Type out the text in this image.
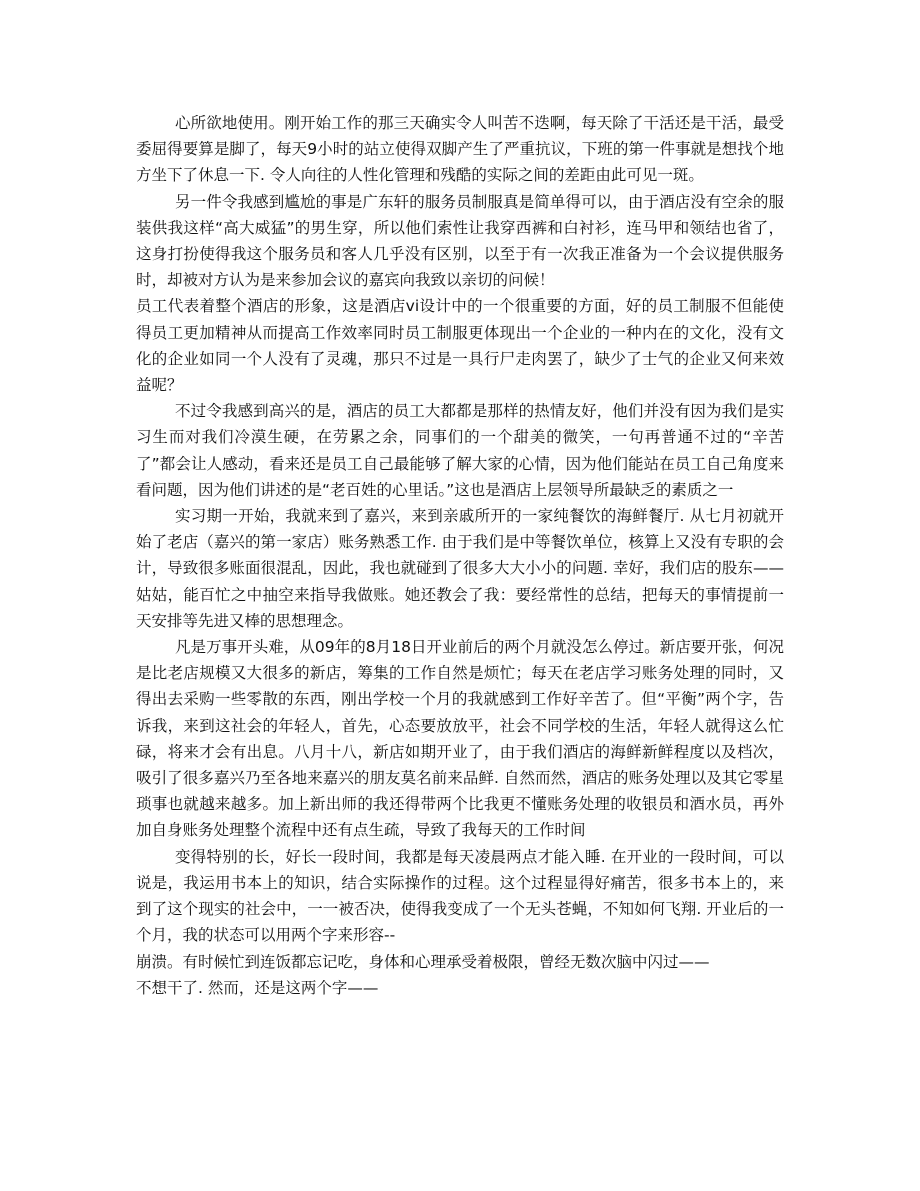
心所欲地使用。刚开始工作的那三天确实令人叫苦不迭啊，每天除了干活还是干活，最受委屈得要算是脚了，每天9小时的站立使得双脚产生了严重抗议，下班的第一件事就是想找个地方坐下了休息一下. 令人向往的人性化管理和残酷的实际之间的差距由此可见一斑。

另一件令我感到尴尬的事是广东轩的服务员制服真是简单得可以，由于酒店没有空余的服装供我这样“高大威猛”的男生穿，所以他们索性让我穿西裤和白衬衫，连马甲和领结也省了，这身打扮使得我这个服务员和客人几乎没有区别，以至于有一次我正准备为一个会议提供服务时，却被对方认为是来参加会议的嘉宾向我致以亲切的问候！

员工代表着整个酒店的形象，这是酒店vi设计中的一个很重要的方面，好的员工制服不但能使得员工更加精神从而提高工作效率同时员工制服更体现出一个企业的一种内在的文化，没有文化的企业如同一个人没有了灵魂，那只不过是一具行尸走肉罢了，缺少了士气的企业又何来效益呢？

不过令我感到高兴的是，酒店的员工大都都是那样的热情友好，他们并没有因为我们是实习生而对我们冷漠生硬，在劳累之余，同事们的一个甜美的微笑，一句再普通不过的“辛苦了”都会让人感动，看来还是员工自己最能够了解大家的心情，因为他们能站在员工自己角度来看问题，因为他们讲述的是“老百姓的心里话。”这也是酒店上层领导所最缺乏的素质之一

实习期一开始，我就来到了嘉兴，来到亲戚所开的一家纯餐饮的海鲜餐厅. 从七月初就开始了老店（嘉兴的第一家店）账务熟悉工作. 由于我们是中等餐饮单位，核算上又没有专职的会计，导致很多账面很混乱，因此，我也就碰到了很多大大小小的问题. 幸好，我们店的股东——姑姑，能百忙之中抽空来指导我做账。她还教会了我：要经常性的总结，把每天的事情提前一天安排等先进又棒的思想理念。

凡是万事开头难，从09年的8月18日开业前后的两个月就没怎么停过。新店要开张，何况是比老店规模又大很多的新店，筹集的工作自然是烦忙；每天在老店学习账务处理的同时，又得出去采购一些零散的东西，刚出学校一个月的我就感到工作好辛苦了。但“平衡”两个字，告诉我，来到这社会的年轻人，首先，心态要放放平，社会不同学校的生活，年轻人就得这么忙碌，将来才会有出息。八月十八，新店如期开业了，由于我们酒店的海鲜新鲜程度以及档次，吸引了很多嘉兴乃至各地来嘉兴的朋友莫名前来品鲜. 自然而然，酒店的账务处理以及其它零星琐事也就越来越多。加上新出师的我还得带两个比我更不懂账务处理的收银员和酒水员，再外加自身账务处理整个流程中还有点生疏，导致了我每天的工作时间

变得特别的长，好长一段时间，我都是每天凌晨两点才能入睡. 在开业的一段时间，可以说是，我运用书本上的知识，结合实际操作的过程。这个过程显得好痛苦，很多书本上的，来到了这个现实的社会中，一一被否决，使得我变成了一个无头苍蝇，不知如何飞翔. 开业后的一个月，我的状态可以用两个字来形容--

崩溃。有时候忙到连饭都忘记吃，身体和心理承受着极限，曾经无数次脑中闪过——

不想干了. 然而，还是这两个字——
